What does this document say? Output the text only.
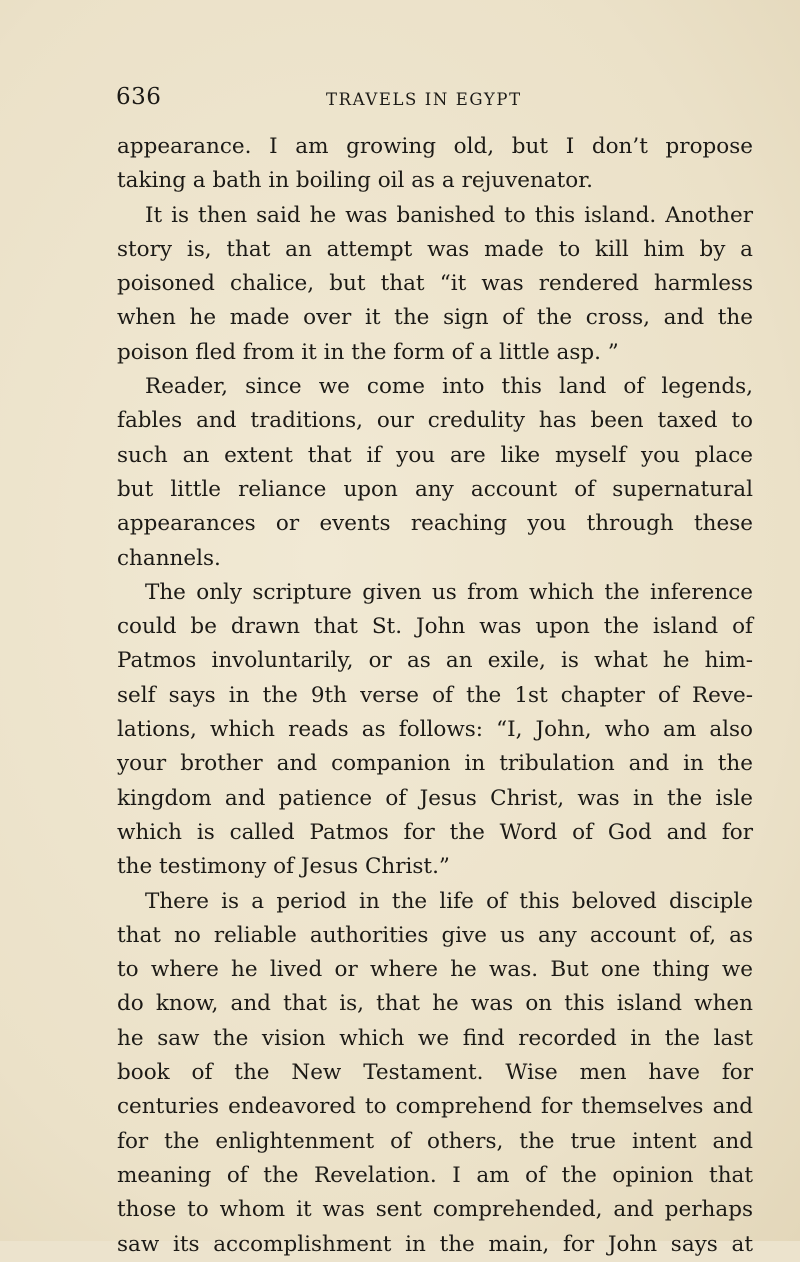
636	TRAVELS IN EGYPT
appearance. I am growing old, but I don’t propose
taking a bath in boiling oil as a rejuvenator.
It is then said he was banished to this island. Another
story is, that an attempt was made to kill him by a
poisoned chalice, but that “it was rendered harmless
when he made over it the sign of the cross, and the
poison fled from it in the form of a little asp. ”
Reader, since we come into this land of legends,
fables and traditions, our credulity has been taxed to
such an extent that if you are like myself you place
but little reliance upon any account of supernatural
appearances or events reaching you through these
channels.
The only scripture given us from which the inference
could be drawn that St. John was upon the island of
Patmos involuntarily, or as an exile, is what he him-
self says in the 9th verse of the 1st chapter of Reve-
lations, which reads as follows: “I, John, who am also
your brother and companion in tribulation and in the
kingdom and patience of Jesus Christ, was in the isle
which is called Patmos for the Word of God and for
the testimony of Jesus Christ.”
There is a period in the life of this beloved disciple
that no reliable authorities give us any account of, as
to where he lived or where he was. But one thing we
do know, and that is, that he was on this island when
he saw the vision which we find recorded in the last
book of the New Testament. Wise men have for
centuries endeavored to comprehend for themselves and
for the enlightenment of others, the true intent and
meaning of the Revelation. I am of the opinion that
those to whom it was sent comprehended, and perhaps
saw its accomplishment in the main, for John says at
